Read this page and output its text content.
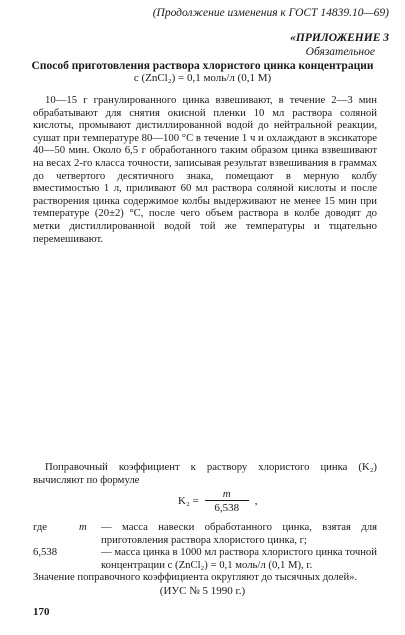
(Продолжение изменения к ГОСТ 14839.10—69)
«ПРИЛОЖЕНИЕ 3
Обязательное
Способ приготовления раствора хлористого цинка концентрации
c (ZnCl₂) = 0,1 моль/л (0,1 М)

10—15 г гранулированного цинка взвешивают, в течение 2—3 мин обрабатывают для снятия окисной пленки 10 мл раствора соляной кислоты, промывают дистиллированной водой до нейтральной реакции, сушат при температуре 80—100 °С в течение 1 ч и охлаждают в эксикаторе 40—50 мин. Около 6,5 г обработанного таким образом цинка взвешивают на весах 2-го класса точности, записывая результат взвешивания в граммах до четвертого десятичного знака, помещают в мерную колбу вместимостью 1 л, приливают 60 мл раствора соляной кислоты и после растворения цинка содержимое колбы выдерживают не менее 15 мин при температуре (20±2) °С, после чего объем раствора в колбе доводят до метки дистиллированной водой той же температуры и тщательно перемешивают.

Поправочный коэффициент к раствору хлористого цинка (K₂) вычисляют по формуле

$K_2 = \frac{m}{6,538}$ ,
где	m	— масса навески обработанного цинка, взятая для приготовления раствора хлористого цинка, г;
6,538	— масса цинка в 1000 мл раствора хлористого цинка точной концентрации c (ZnCl₂) = 0,1 моль/л (0,1 М), г.
Значение поправочного коэффициента округляют до тысячных долей».
(ИУС № 5 1990 г.)
170
